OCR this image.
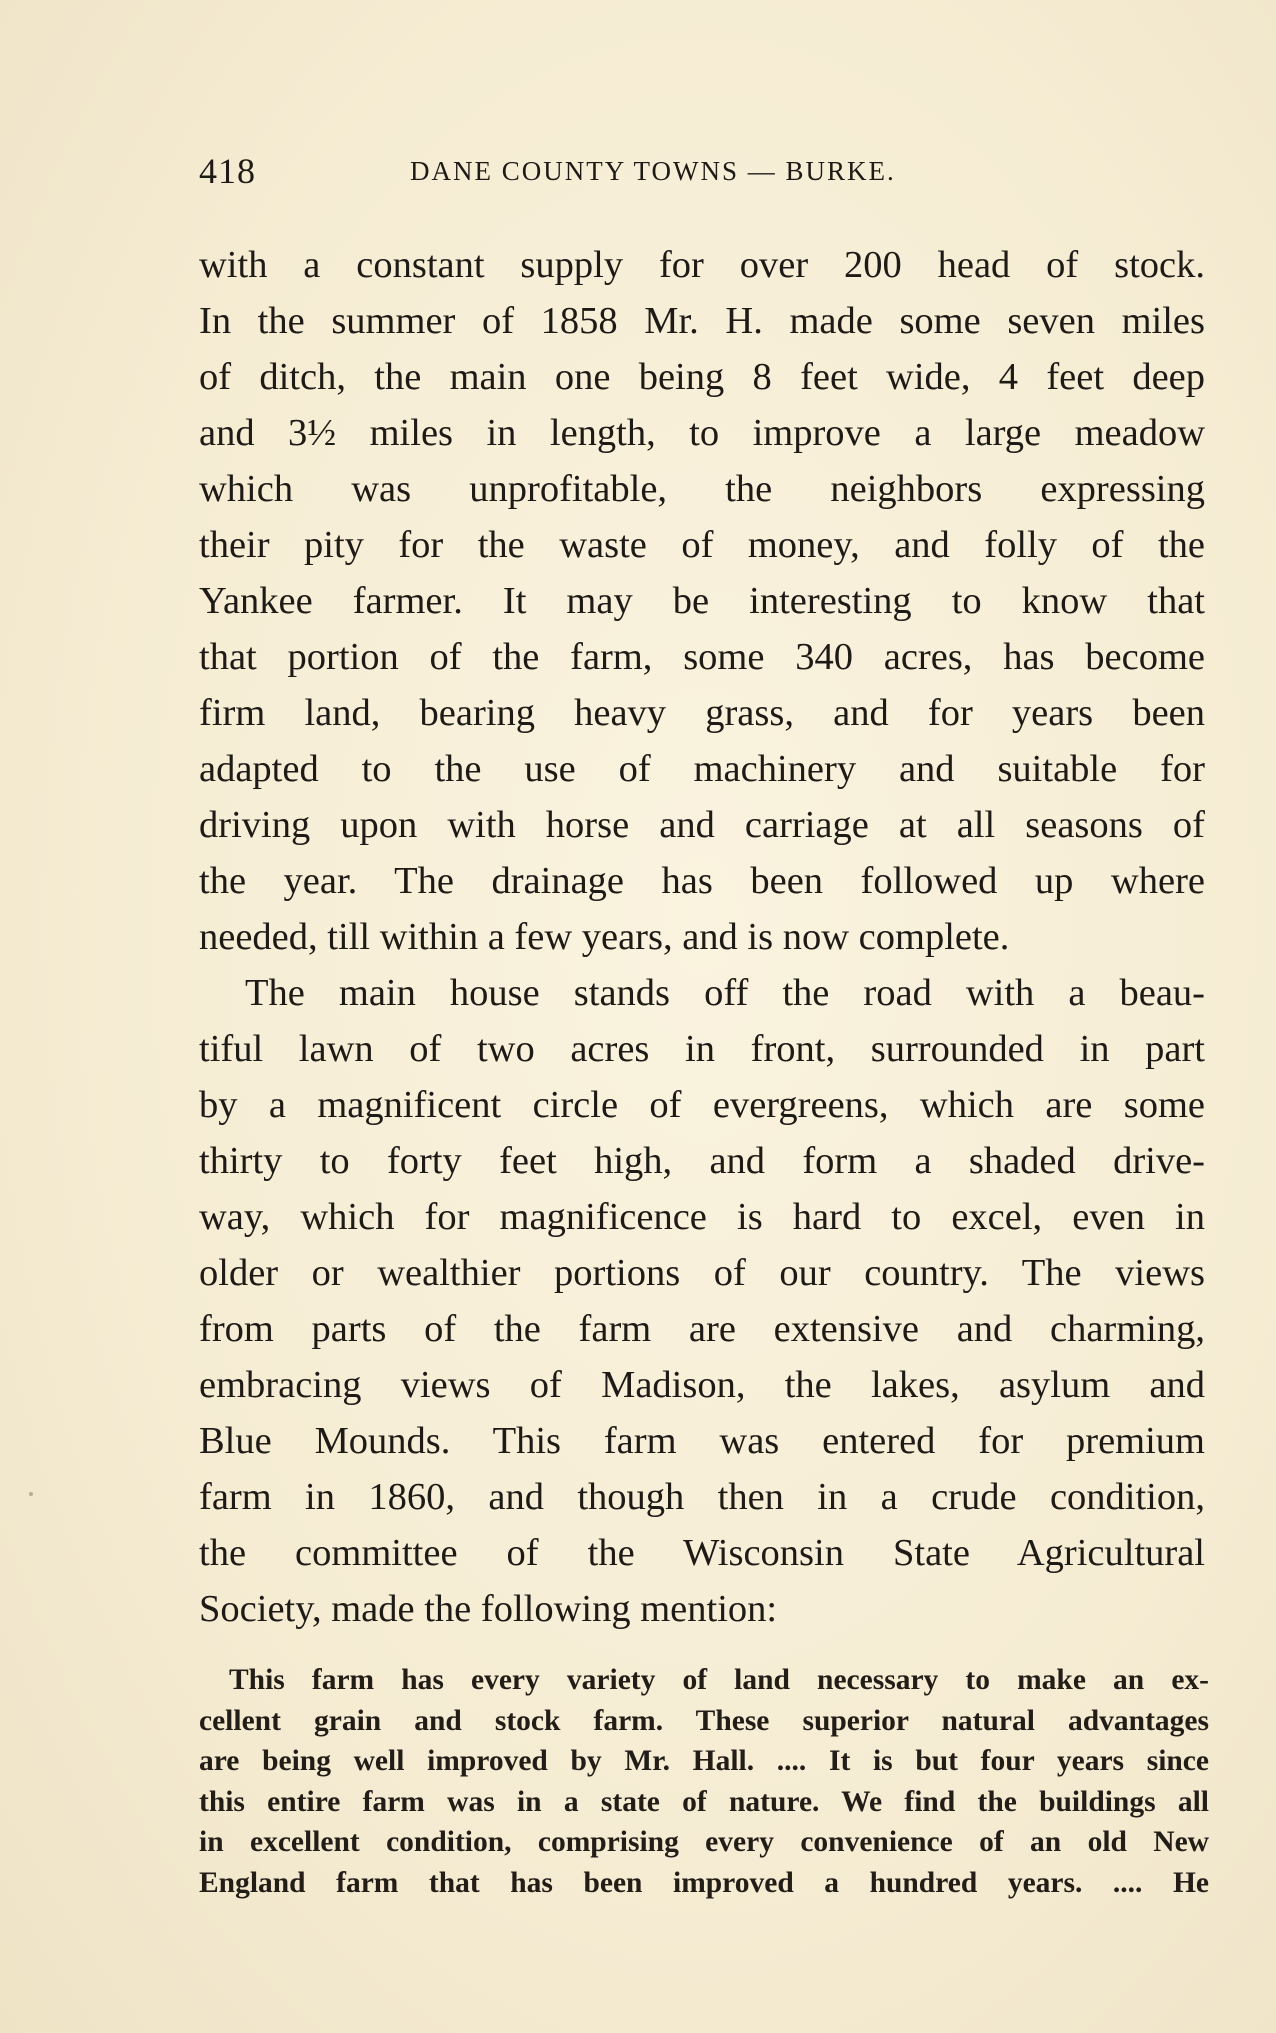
418	DANE COUNTY TOWNS — BURKE.
with a constant supply for over 200 head of stock.
In the summer of 1858 Mr. H. made some seven miles
of ditch, the main one being 8 feet wide, 4 feet deep
and 3½ miles in length, to improve a large meadow
which was unprofitable, the neighbors expressing
their pity for the waste of money, and folly of the
Yankee farmer. It may be interesting to know that
that portion of the farm, some 340 acres, has become
firm land, bearing heavy grass, and for years been
adapted to the use of machinery and suitable for
driving upon with horse and carriage at all seasons of
the year. The drainage has been followed up where
needed, till within a few years, and is now complete.
The main house stands off the road with a beau-
tiful lawn of two acres in front, surrounded in part
by a magnificent circle of evergreens, which are some
thirty to forty feet high, and form a shaded drive-
way, which for magnificence is hard to excel, even in
older or wealthier portions of our country. The views
from parts of the farm are extensive and charming,
embracing views of Madison, the lakes, asylum and
Blue Mounds. This farm was entered for premium
farm in 1860, and though then in a crude condition,
the committee of the Wisconsin State Agricultural
Society, made the following mention:
This farm has every variety of land necessary to make an ex-
cellent grain and stock farm. These superior natural advantages
are being well improved by Mr. Hall. .... It is but four years since
this entire farm was in a state of nature. We find the buildings all
in excellent condition, comprising every convenience of an old New
England farm that has been improved a hundred years. .... He
